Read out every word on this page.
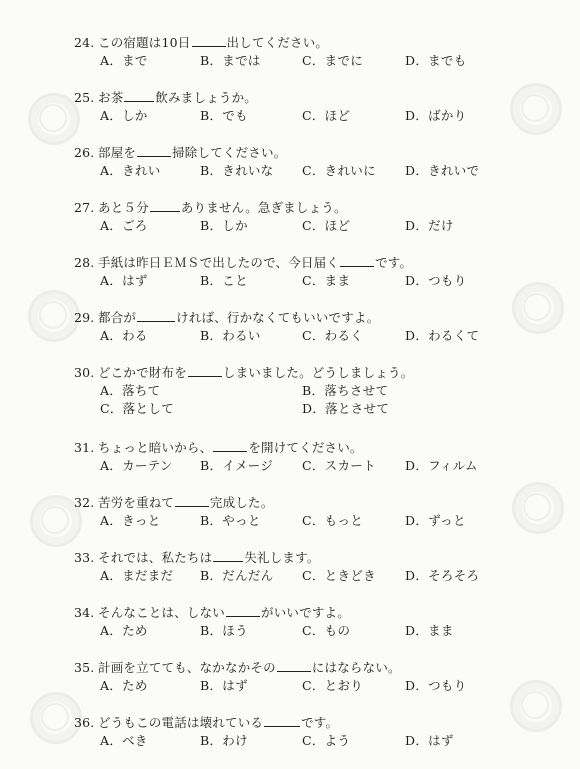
24. この宿題は10日	出してください。
A．まで	B．までは	C．までに	D．までも
25. お茶	飲みましょうか。
A．しか	B．でも	C．ほど	D．ばかり
26. 部屋を	掃除してください。
A．きれい	B．きれいな C．きれいに D．きれいで
27. あと５分	ありません。急ぎましょう。
A．ごろ	B．しか	C．ほど	D．だけ
28. 手紙は昨日ＥＭＳで出したので、今日届く	です。
A．はず	B．こと	C．まま	D．つもり
29. 都合が	ければ、行かなくてもいいですよ。
A．わる	B．わるい	C．わるく	D．わるくて
30. どこかで財布を	しまいました。どうしましょう。
A．落ちて	B．落ちさせて
C．落として	D．落とさせて
31. ちょっと暗いから、	を開けてください。
A．カーテン B．イメージ C．スカート D．フィルム
32. 苦労を重ねて	完成した。
A．きっと	B．やっと	C．もっと	D．ずっと
33. それでは、私たちは	失礼します。
A．まだまだ B．だんだん C．ときどき D．そろそろ
34. そんなことは、しない	がいいですよ。
A．ため	B．ほう	C．もの	D．まま
35. 計画を立てても、なかなかその	にはならない。
A．ため	B．はず	C．とおり	D．つもり
36. どうもこの電話は壊れている	です。
A．べき	B．わけ	C．よう	D．はず
